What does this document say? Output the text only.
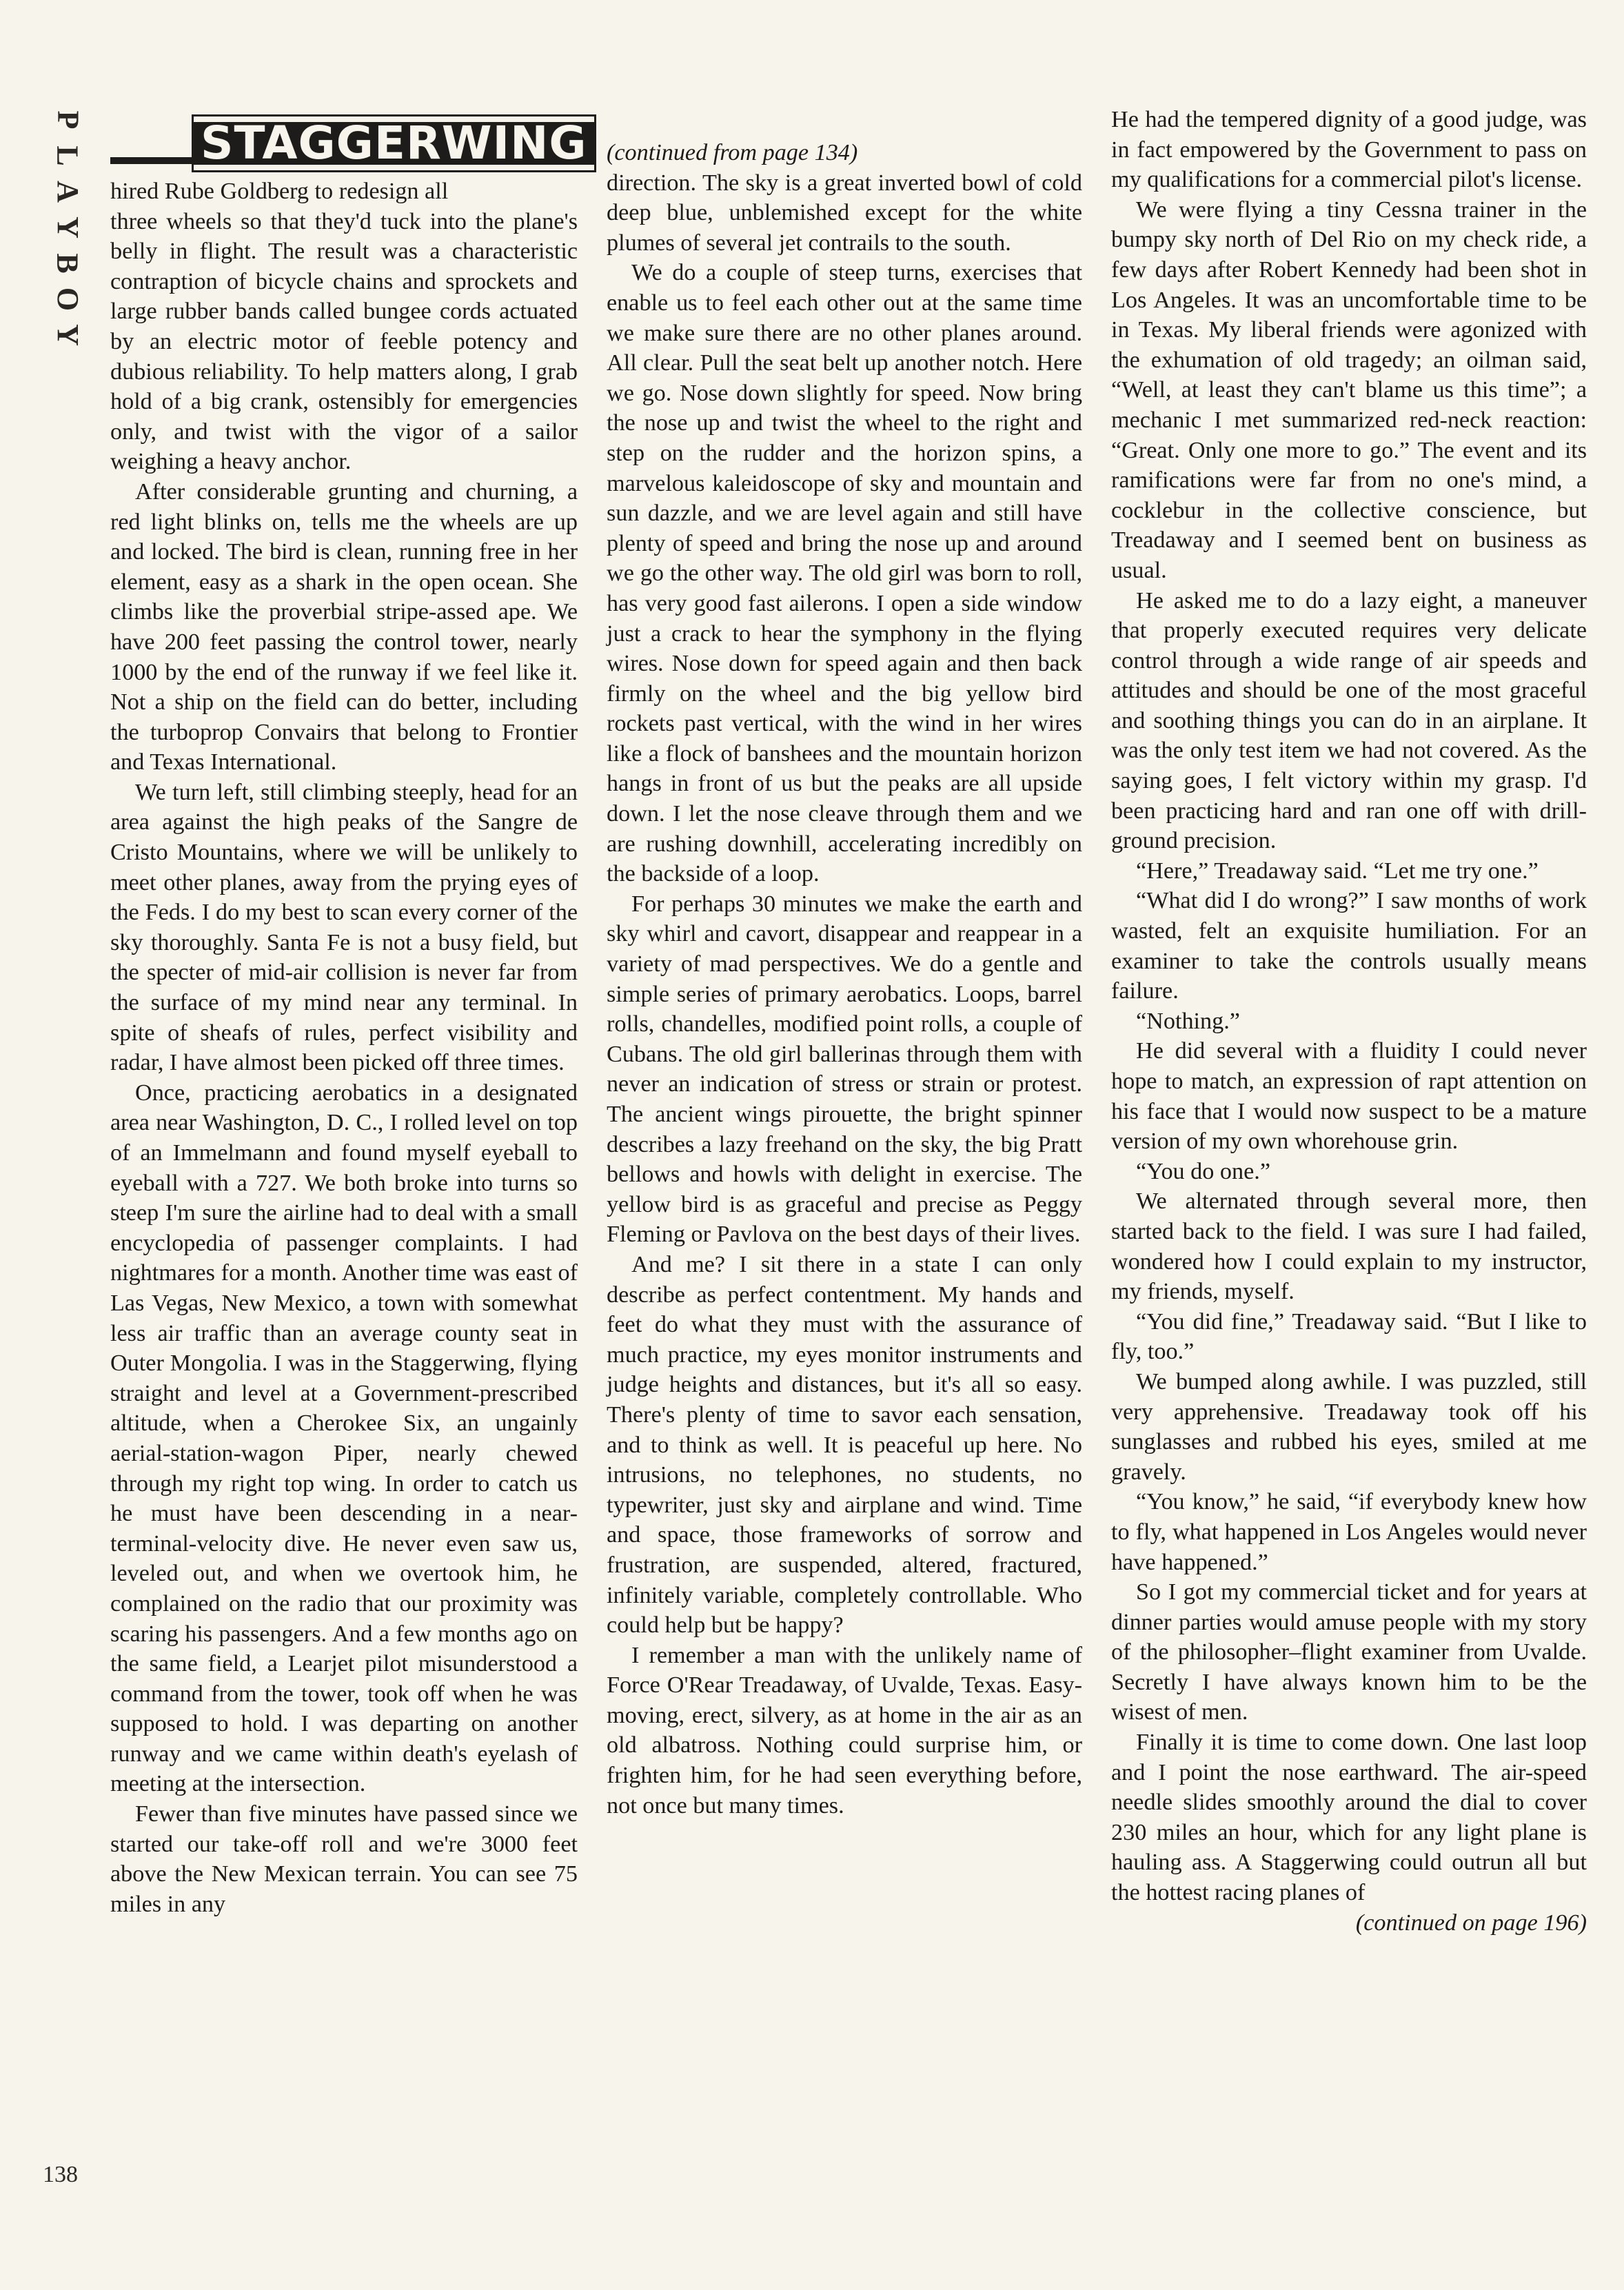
P
L
A
Y
B
O
Y
138
STAGGERWING

hired Rube Goldberg to redesign all

three wheels so that they'd tuck into the plane's belly in flight. The result was a characteristic contraption of bicycle chains and sprockets and large rubber bands called bungee cords actuated by an electric motor of feeble potency and dubious reliability. To help matters along, I grab hold of a big crank, ostensibly for emergencies only, and twist with the vigor of a sailor weighing a heavy anchor.

After considerable grunting and churning, a red light blinks on, tells me the wheels are up and locked. The bird is clean, running free in her element, easy as a shark in the open ocean. She climbs like the proverbial stripe-assed ape. We have 200 feet passing the control tower, nearly 1000 by the end of the runway if we feel like it. Not a ship on the field can do better, including the turboprop Convairs that belong to Frontier and Texas International.

We turn left, still climbing steeply, head for an area against the high peaks of the Sangre de Cristo Mountains, where we will be unlikely to meet other planes, away from the prying eyes of the Feds. I do my best to scan every corner of the sky thoroughly. Santa Fe is not a busy field, but the specter of mid-air collision is never far from the surface of my mind near any terminal. In spite of sheafs of rules, perfect visibility and radar, I have almost been picked off three times.

Once, practicing aerobatics in a designated area near Washington, D. C., I rolled level on top of an Immelmann and found myself eyeball to eyeball with a 727. We both broke into turns so steep I'm sure the airline had to deal with a small encyclopedia of passenger complaints. I had nightmares for a month. Another time was east of Las Vegas, New Mexico, a town with somewhat less air traffic than an average county seat in Outer Mongolia. I was in the Staggerwing, flying straight and level at a Government-prescribed altitude, when a Cherokee Six, an ungainly aerial-station-wagon Piper, nearly chewed through my right top wing. In order to catch us he must have been descending in a near-terminal-velocity dive. He never even saw us, leveled out, and when we overtook him, he complained on the radio that our proximity was scaring his passengers. And a few months ago on the same field, a Learjet pilot misunderstood a command from the tower, took off when he was supposed to hold. I was departing on another runway and we came within death's eyelash of meeting at the intersection.

Fewer than five minutes have passed since we started our take-off roll and we're 3000 feet above the New Mexican terrain. You can see 75 miles in any

(continued from page 134)

direction. The sky is a great inverted bowl of cold deep blue, unblemished except for the white plumes of several jet contrails to the south.

We do a couple of steep turns, exercises that enable us to feel each other out at the same time we make sure there are no other planes around. All clear. Pull the seat belt up another notch. Here we go. Nose down slightly for speed. Now bring the nose up and twist the wheel to the right and step on the rudder and the horizon spins, a marvelous kaleidoscope of sky and mountain and sun dazzle, and we are level again and still have plenty of speed and bring the nose up and around we go the other way. The old girl was born to roll, has very good fast ailerons. I open a side window just a crack to hear the symphony in the flying wires. Nose down for speed again and then back firmly on the wheel and the big yellow bird rockets past vertical, with the wind in her wires like a flock of banshees and the mountain horizon hangs in front of us but the peaks are all upside down. I let the nose cleave through them and we are rushing downhill, accelerating incredibly on the backside of a loop.

For perhaps 30 minutes we make the earth and sky whirl and cavort, disappear and reappear in a variety of mad perspectives. We do a gentle and simple series of primary aerobatics. Loops, barrel rolls, chandelles, modified point rolls, a couple of Cubans. The old girl ballerinas through them with never an indication of stress or strain or protest. The ancient wings pirouette, the bright spinner describes a lazy freehand on the sky, the big Pratt bellows and howls with delight in exercise. The yellow bird is as graceful and precise as Peggy Fleming or Pavlova on the best days of their lives.

And me? I sit there in a state I can only describe as perfect contentment. My hands and feet do what they must with the assurance of much practice, my eyes monitor instruments and judge heights and distances, but it's all so easy. There's plenty of time to savor each sensation, and to think as well. It is peaceful up here. No intrusions, no telephones, no students, no typewriter, just sky and airplane and wind. Time and space, those frameworks of sorrow and frustration, are suspended, altered, fractured, infinitely variable, completely controllable. Who could help but be happy?

I remember a man with the unlikely name of Force O'Rear Treadaway, of Uvalde, Texas. Easy-moving, erect, silvery, as at home in the air as an old albatross. Nothing could surprise him, or frighten him, for he had seen everything before, not once but many times.

He had the tempered dignity of a good judge, was in fact empowered by the Government to pass on my qualifications for a commercial pilot's license.

We were flying a tiny Cessna trainer in the bumpy sky north of Del Rio on my check ride, a few days after Robert Kennedy had been shot in Los Angeles. It was an uncomfortable time to be in Texas. My liberal friends were agonized with the exhumation of old tragedy; an oilman said, “Well, at least they can't blame us this time”; a mechanic I met summarized red-neck reaction: “Great. Only one more to go.” The event and its ramifications were far from no one's mind, a cocklebur in the collective conscience, but Treadaway and I seemed bent on business as usual.

He asked me to do a lazy eight, a maneuver that properly executed requires very delicate control through a wide range of air speeds and attitudes and should be one of the most graceful and soothing things you can do in an airplane. It was the only test item we had not covered. As the saying goes, I felt victory within my grasp. I'd been practicing hard and ran one off with drill-ground precision.

“Here,” Treadaway said. “Let me try one.”

“What did I do wrong?” I saw months of work wasted, felt an exquisite humiliation. For an examiner to take the controls usually means failure.

“Nothing.”

He did several with a fluidity I could never hope to match, an expression of rapt attention on his face that I would now suspect to be a mature version of my own whorehouse grin.

“You do one.”

We alternated through several more, then started back to the field. I was sure I had failed, wondered how I could explain to my instructor, my friends, myself.

“You did fine,” Treadaway said. “But I like to fly, too.”

We bumped along awhile. I was puzzled, still very apprehensive. Treadaway took off his sunglasses and rubbed his eyes, smiled at me gravely.

“You know,” he said, “if everybody knew how to fly, what happened in Los Angeles would never have happened.”

So I got my commercial ticket and for years at dinner parties would amuse people with my story of the philosopher–flight examiner from Uvalde. Secretly I have always known him to be the wisest of men.

Finally it is time to come down. One last loop and I point the nose earthward. The air-speed needle slides smoothly around the dial to cover 230 miles an hour, which for any light plane is hauling ass. A Staggerwing could outrun all but the hottest racing planes of

(continued on page 196)
